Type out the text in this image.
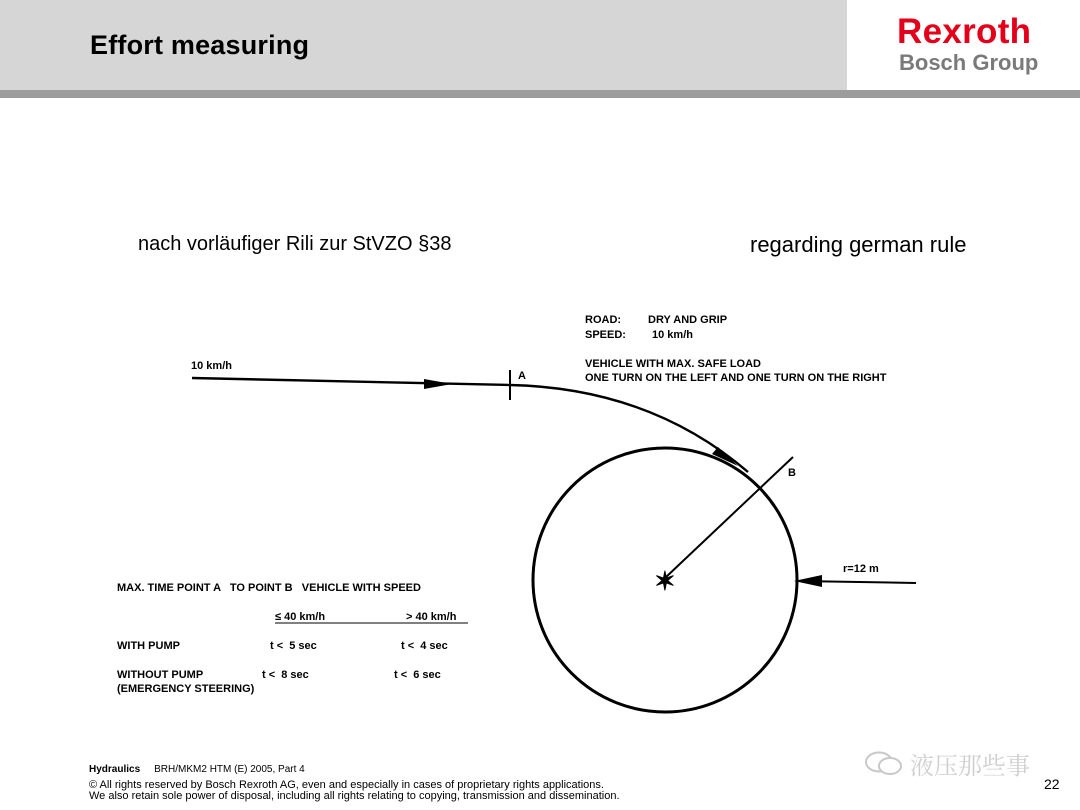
Effort measuring	Rexroth
Bosch Group
nach vorläufiger Rili zur StVZO §38	regarding german rule
✶
10 km/h
A
B
r=12 m
ROAD: DRY AND GRIP
SPEED: 10 km/h
VEHICLE WITH MAX. SAFE LOAD
ONE TURN ON THE LEFT AND ONE TURN ON THE RIGHT
MAX. TIME POINT A   TO POINT B   VEHICLE WITH SPEED
≤ 40 km/h	> 40 km/h
WITH PUMP	t <  5 sec	t <  4 sec
WITHOUT PUMP	t <  8 sec	t <  6 sec
(EMERGENCY STEERING)
Hydraulics BRH/MKM2 HTM (E) 2005, Part 4
© All rights reserved by Bosch Rexroth AG, even and especially in cases of proprietary rights applications.
We also retain sole power of disposal, including all rights relating to copying, transmission and dissemination.
液压那些事
22
